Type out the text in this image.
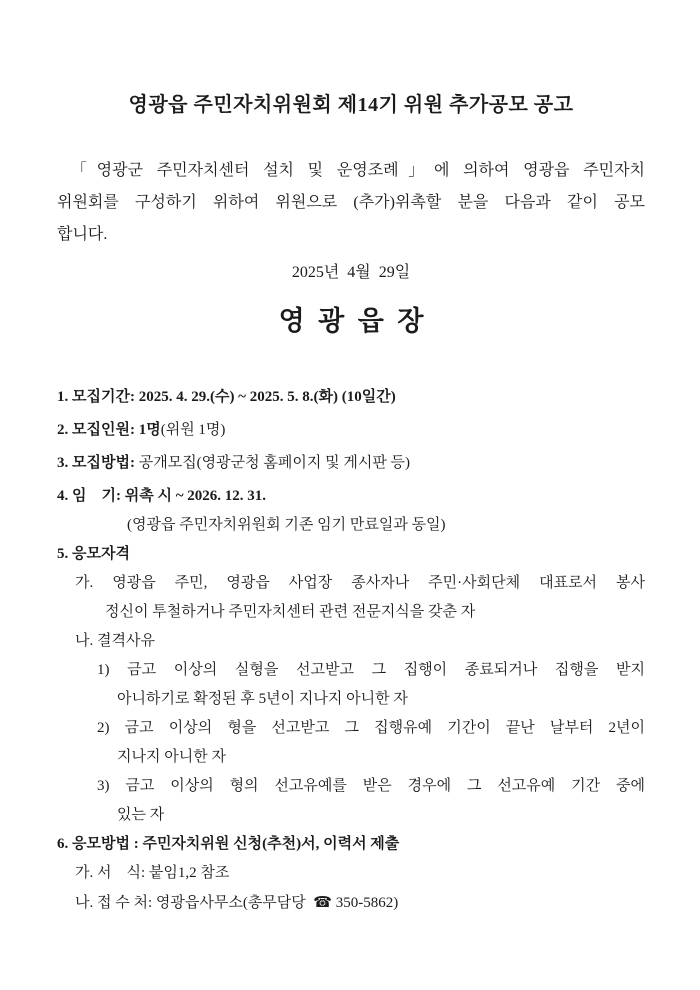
영광읍 주민자치위원회 제14기 위원 추가공모 공고
「영광군 주민자치센터 설치 및 운영조례」에 의하여 영광읍 주민자치
위원회를 구성하기 위하여 위원으로 (추가)위촉할 분을 다음과 같이 공모
합니다.
2025년  4월  29일
영  광  읍  장
1. 모집기간: 2025. 4. 29.(수) ~ 2025. 5. 8.(화) (10일간)
2. 모집인원: 1명(위원 1명)
3. 모집방법: 공개모집(영광군청 홈페이지 및 게시판 등)
4. 임    기: 위촉 시 ~ 2026. 12. 31.
(영광읍 주민자치위원회 기존 임기 만료일과 동일)
5. 응모자격
가. 영광읍 주민, 영광읍 사업장 종사자나 주민·사회단체 대표로서 봉사
정신이 투철하거나 주민자치센터 관련 전문지식을 갖춘 자
나. 결격사유
1) 금고 이상의 실형을 선고받고 그 집행이 종료되거나 집행을 받지
아니하기로 확정된 후 5년이 지나지 아니한 자
2) 금고 이상의 형을 선고받고 그 집행유예 기간이 끝난 날부터 2년이
지나지 아니한 자
3) 금고 이상의 형의 선고유예를 받은 경우에 그 선고유예 기간 중에
있는 자
6. 응모방법 : 주민자치위원 신청(추천)서, 이력서 제출
가. 서    식: 붙임1,2 참조
나. 접 수 처: 영광읍사무소(총무담당  ☎ 350-5862)
